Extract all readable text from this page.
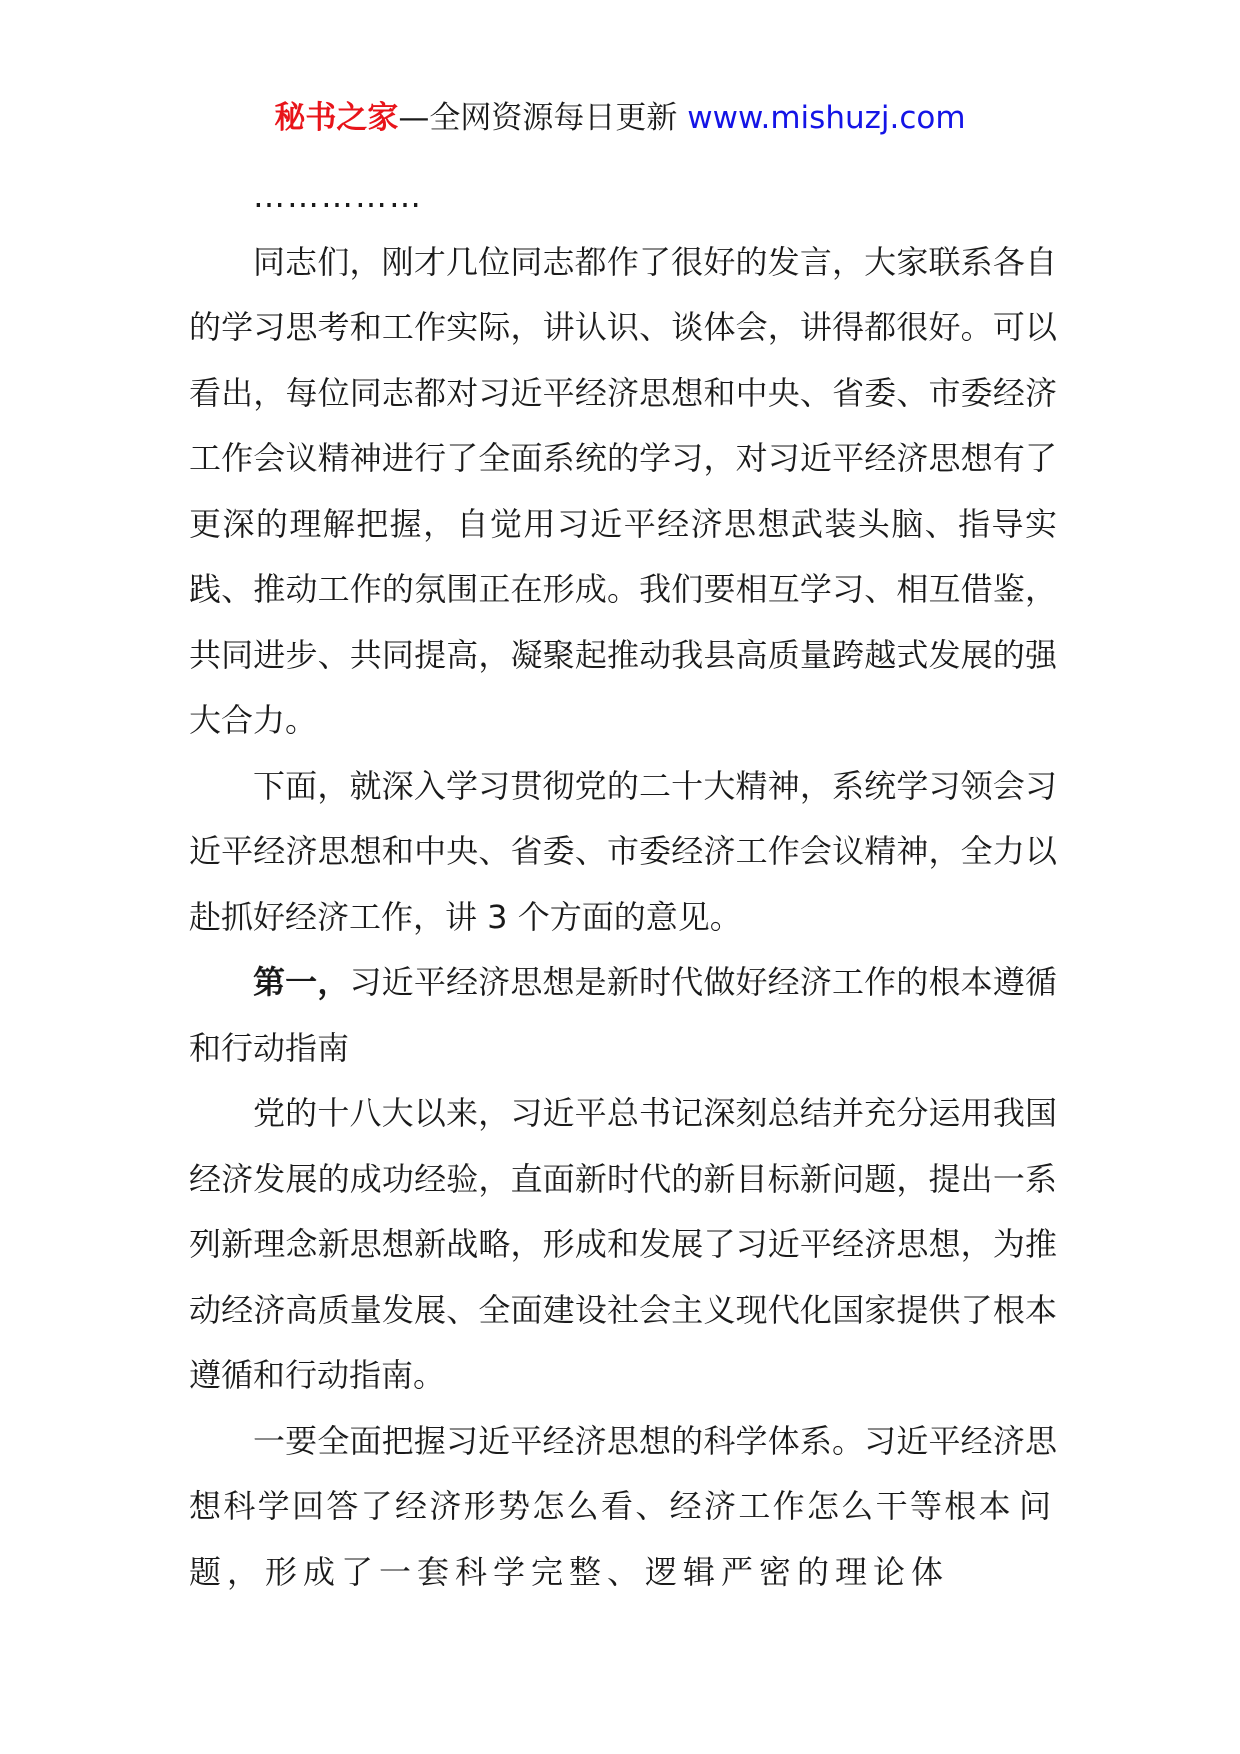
秘书之家—全网资源每日更新 www.mishuzj.com

……………

同志们，刚才几位同志都作了很好的发言，大家联系各自的学习思考和工作实际，讲认识、谈体会，讲得都很好。可以看出，每位同志都对习近平经济思想和中央、省委、市委经济工作会议精神进行了全面系统的学习，对习近平经济思想有了更深的理解把握，自觉用习近平经济思想武装头脑、指导实践、推动工作的氛围正在形成。我们要相互学习、相互借鉴，共同进步、共同提高，凝聚起推动我县高质量跨越式发展的强大合力。

下面，就深入学习贯彻党的二十大精神，系统学习领会习近平经济思想和中央、省委、市委经济工作会议精神，全力以赴抓好经济工作，讲 3 个方面的意见。

第一，习近平经济思想是新时代做好经济工作的根本遵循和行动指南

党的十八大以来，习近平总书记深刻总结并充分运用我国经济发展的成功经验，直面新时代的新目标新问题，提出一系列新理念新思想新战略，形成和发展了习近平经济思想，为推动经济高质量发展、全面建设社会主义现代化国家提供了根本遵循和行动指南。

一要全面把握习近平经济思想的科学体系。习近平经济思想科学回答了经济形势怎么看、经济工作怎么干等根本问题，形成了一套科学完整、逻辑严密的理论体
